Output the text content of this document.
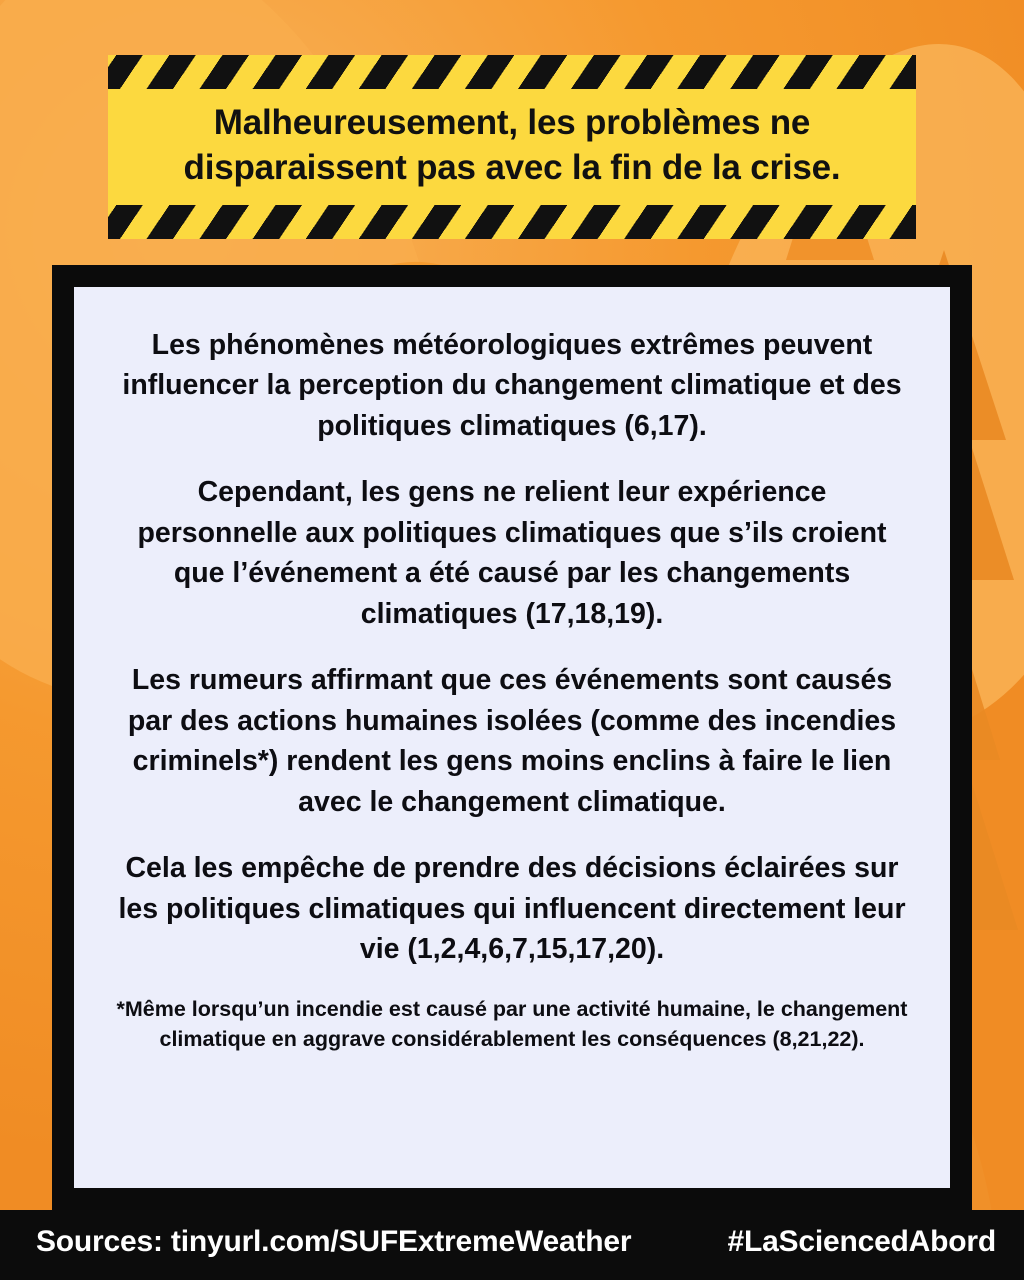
Malheureusement, les problèmes ne disparaissent pas avec la fin de la crise.

Les phénomènes météorologiques extrêmes peuvent influencer la perception du changement climatique et des politiques climatiques (6,17).

Cependant, les gens ne relient leur expérience personnelle aux politiques climatiques que s’ils croient que l’événement a été causé par les changements climatiques (17,18,19).

Les rumeurs affirmant que ces événements sont causés par des actions humaines isolées (comme des incendies criminels*) rendent les gens moins enclins à faire le lien avec le changement climatique.

Cela les empêche de prendre des décisions éclairées sur les politiques climatiques qui influencent directement leur vie (1,2,4,6,7,15,17,20).

*Même lorsqu’un incendie est causé par une activité humaine, le changement climatique en aggrave considérablement les conséquences (8,21,22).

Sources: tinyurl.com/SUFExtremeWeather	#LaSciencedAbord
